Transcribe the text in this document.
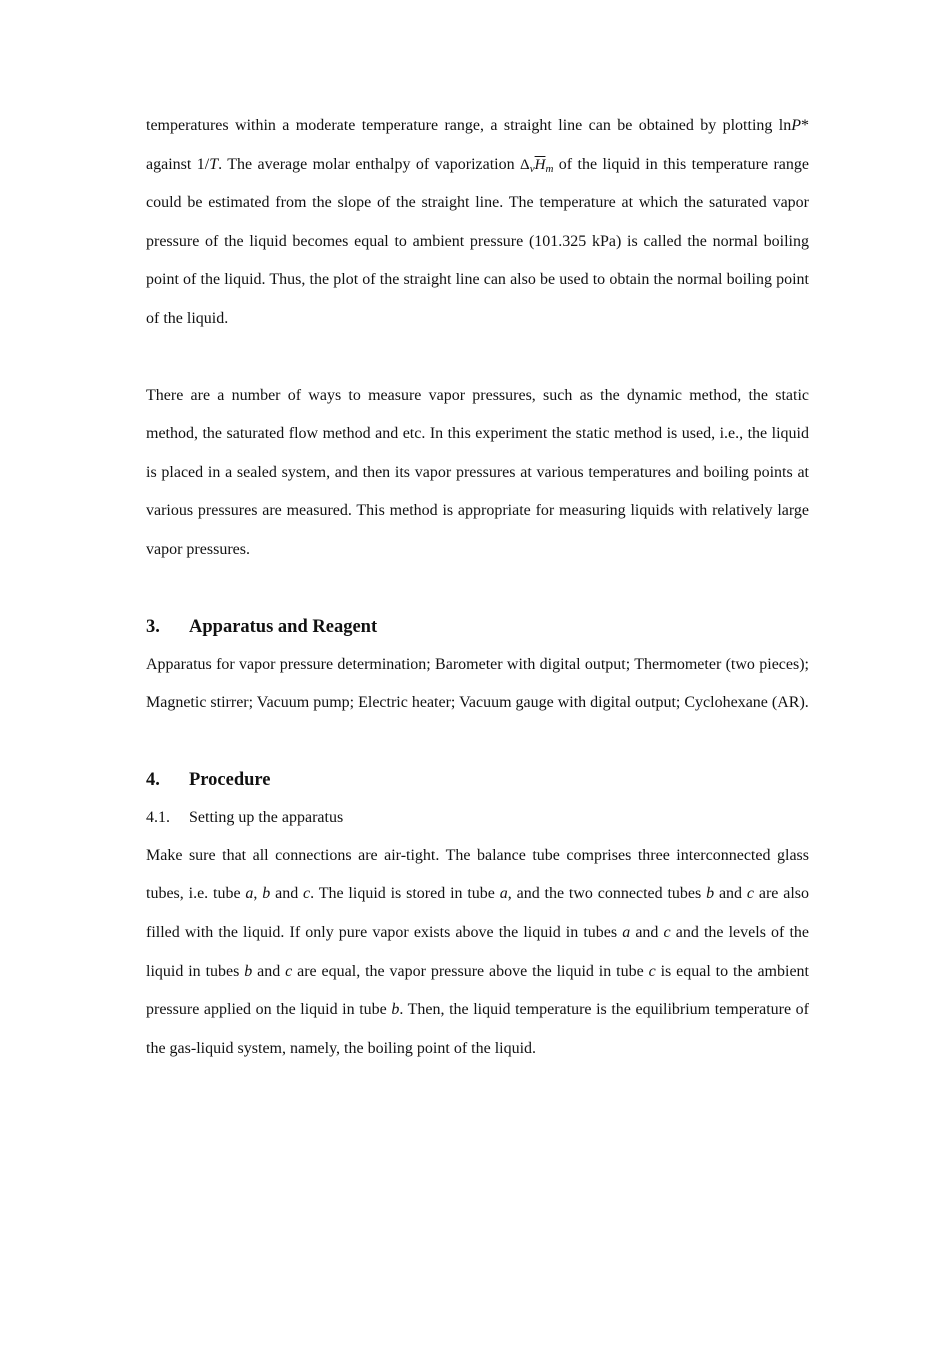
temperatures within a moderate temperature range, a straight line can be obtained by plotting lnP* against 1/T. The average molar enthalpy of vaporization $\Delta_v\overline{H}_m$ of the liquid in this temperature range could be estimated from the slope of the straight line. The temperature at which the saturated vapor pressure of the liquid becomes equal to ambient pressure (101.325 kPa) is called the normal boiling point of the liquid. Thus, the plot of the straight line can also be used to obtain the normal boiling point of the liquid.

There are a number of ways to measure vapor pressures, such as the dynamic method, the static method, the saturated flow method and etc. In this experiment the static method is used, i.e., the liquid is placed in a sealed system, and then its vapor pressures at various temperatures and boiling points at various pressures are measured. This method is appropriate for measuring liquids with relatively large vapor pressures.

3. Apparatus and Reagent

Apparatus for vapor pressure determination; Barometer with digital output; Thermometer (two pieces); Magnetic stirrer; Vacuum pump; Electric heater; Vacuum gauge with digital output; Cyclohexane (AR).

4. Procedure
4.1. Setting up the apparatus

Make sure that all connections are air-tight. The balance tube comprises three interconnected glass tubes, i.e. tube a, b and c. The liquid is stored in tube a, and the two connected tubes b and c are also filled with the liquid. If only pure vapor exists above the liquid in tubes a and c and the levels of the liquid in tubes b and c are equal, the vapor pressure above the liquid in tube c is equal to the ambient pressure applied on the liquid in tube b. Then, the liquid temperature is the equilibrium temperature of the gas-liquid system, namely, the boiling point of the liquid.
